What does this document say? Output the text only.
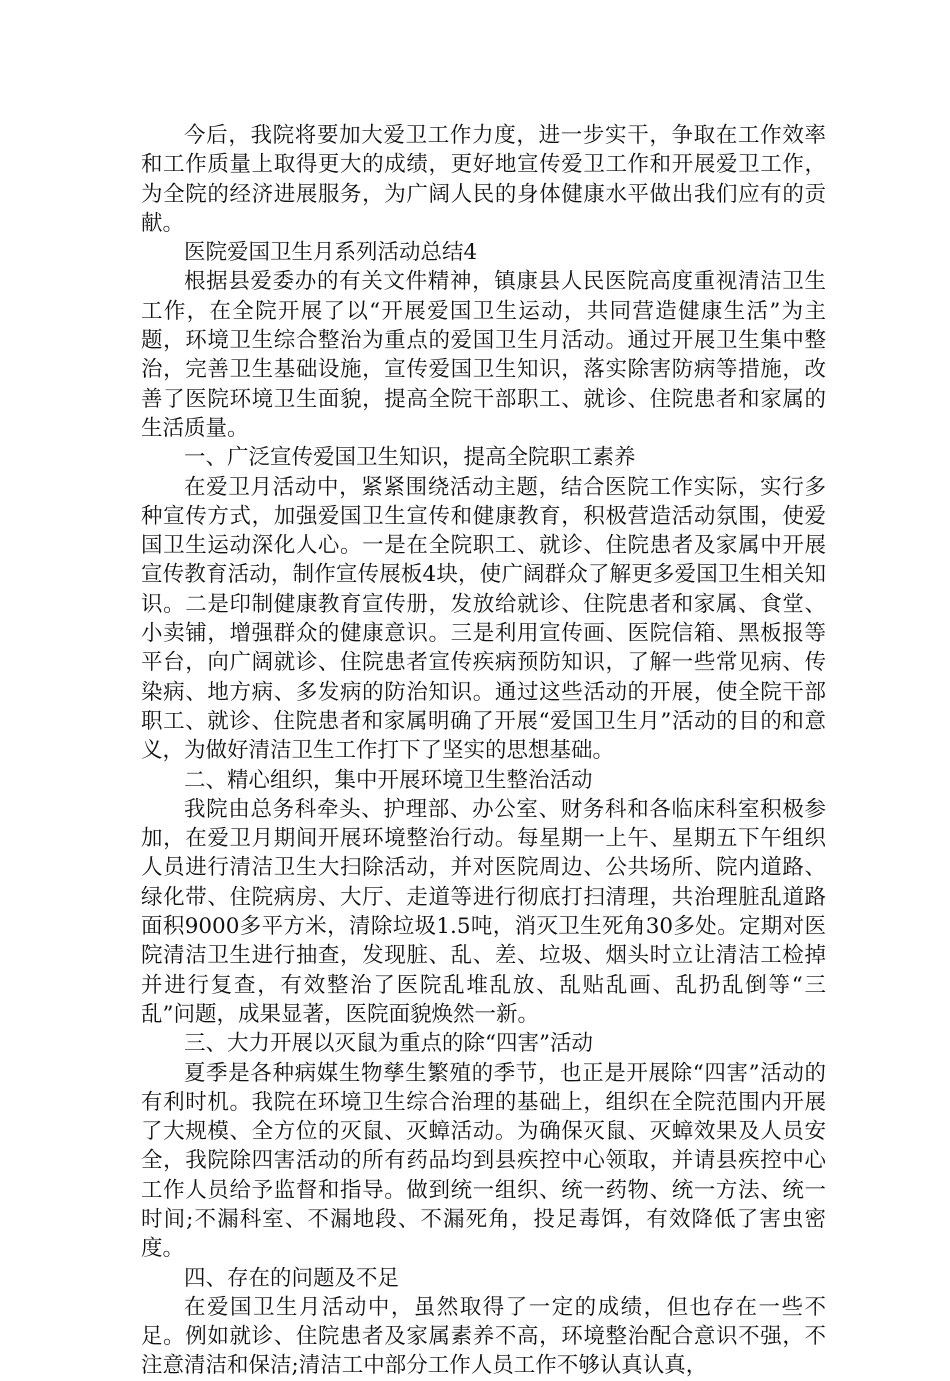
今后，我院将要加大爱卫工作力度，进一步实干，争取在工作效率和工作质量上取得更大的成绩，更好地宣传爱卫工作和开展爱卫工作，为全院的经济进展服务，为广阔人民的身体健康水平做出我们应有的贡献。

医院爱国卫生月系列活动总结4

根据县爱委办的有关文件精神，镇康县人民医院高度重视清洁卫生工作，在全院开展了以“开展爱国卫生运动，共同营造健康生活”为主题，环境卫生综合整治为重点的爱国卫生月活动。通过开展卫生集中整治，完善卫生基础设施，宣传爱国卫生知识，落实除害防病等措施，改善了医院环境卫生面貌，提高全院干部职工、就诊、住院患者和家属的生活质量。

一、广泛宣传爱国卫生知识，提高全院职工素养

在爱卫月活动中，紧紧围绕活动主题，结合医院工作实际，实行多种宣传方式，加强爱国卫生宣传和健康教育，积极营造活动氛围，使爱国卫生运动深化人心。一是在全院职工、就诊、住院患者及家属中开展宣传教育活动，制作宣传展板4块，使广阔群众了解更多爱国卫生相关知识。二是印制健康教育宣传册，发放给就诊、住院患者和家属、食堂、小卖铺，增强群众的健康意识。三是利用宣传画、医院信箱、黑板报等平台，向广阔就诊、住院患者宣传疾病预防知识，了解一些常见病、传染病、地方病、多发病的防治知识。通过这些活动的开展，使全院干部职工、就诊、住院患者和家属明确了开展“爱国卫生月”活动的目的和意义，为做好清洁卫生工作打下了坚实的思想基础。

二、精心组织，集中开展环境卫生整治活动

我院由总务科牵头、护理部、办公室、财务科和各临床科室积极参加，在爱卫月期间开展环境整治行动。每星期一上午、星期五下午组织人员进行清洁卫生大扫除活动，并对医院周边、公共场所、院内道路、绿化带、住院病房、大厅、走道等进行彻底打扫清理，共治理脏乱道路面积9000多平方米，清除垃圾1.5吨，消灭卫生死角30多处。定期对医院清洁卫生进行抽查，发现脏、乱、差、垃圾、烟头时立让清洁工检掉并进行复查，有效整治了医院乱堆乱放、乱贴乱画、乱扔乱倒等“三乱”问题，成果显著，医院面貌焕然一新。

三、大力开展以灭鼠为重点的除“四害”活动

夏季是各种病媒生物孳生繁殖的季节，也正是开展除“四害”活动的有利时机。我院在环境卫生综合治理的基础上，组织在全院范围内开展了大规模、全方位的灭鼠、灭蟑活动。为确保灭鼠、灭蟑效果及人员安全，我院除四害活动的所有药品均到县疾控中心领取，并请县疾控中心工作人员给予监督和指导。做到统一组织、统一药物、统一方法、统一时间;不漏科室、不漏地段、不漏死角，投足毒饵，有效降低了害虫密度。

四、存在的问题及不足

在爱国卫生月活动中，虽然取得了一定的成绩，但也存在一些不足。例如就诊、住院患者及家属素养不高，环境整治配合意识不强，不注意清洁和保洁;清洁工中部分工作人员工作不够认真认真，
